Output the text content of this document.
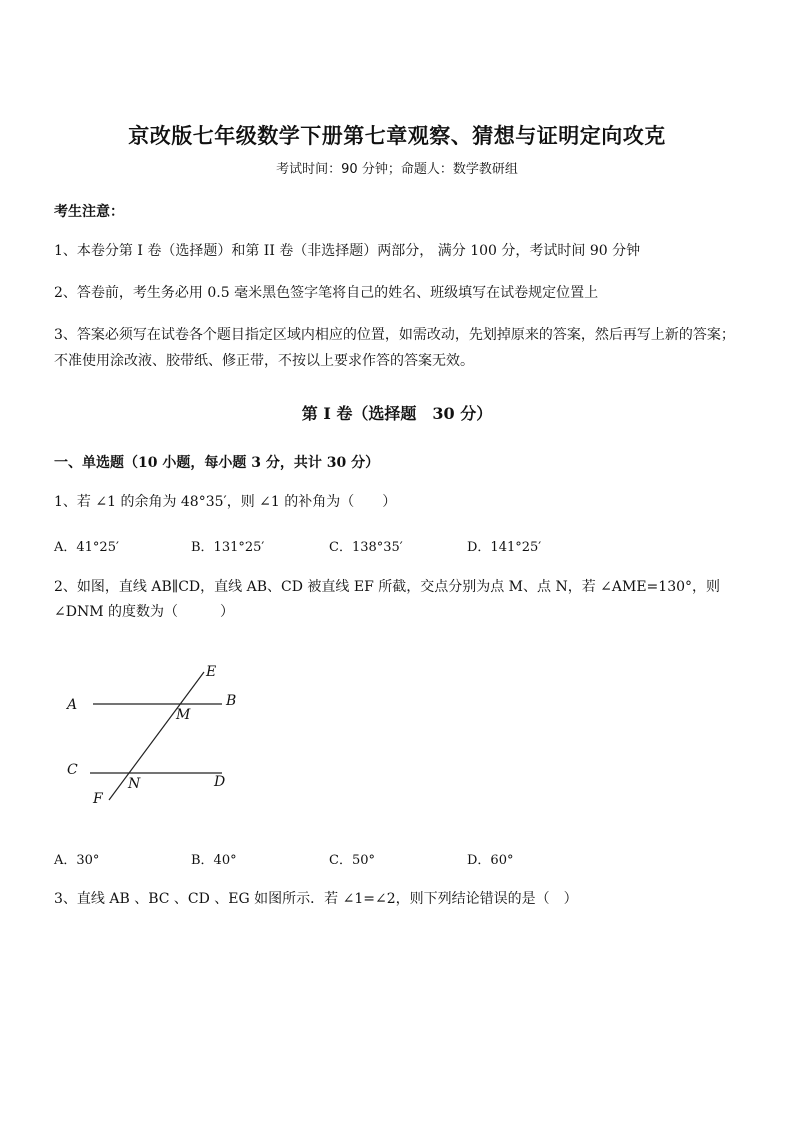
京改版七年级数学下册第七章观察、猜想与证明定向攻克
考试时间：90 分钟；命题人：数学教研组
考生注意：
1、本卷分第 I 卷（选择题）和第 II 卷（非选择题）两部分， 满分 100 分，考试时间 90 分钟
2、答卷前，考生务必用 0.5 毫米黑色签字笔将自己的姓名、班级填写在试卷规定位置上
3、答案必须写在试卷各个题目指定区域内相应的位置，如需改动，先划掉原来的答案，然后再写上新的答案；不准使用涂改液、胶带纸、修正带，不按以上要求作答的答案无效。
第 I 卷（选择题　30 分）
一、单选题（10 小题，每小题 3 分，共计 30 分）
1、若 ∠1 的余角为 48°35′，则 ∠1 的补角为（　　）
A．41°25′	B．131°25′	C．138°35′	D．141°25′
2、如图，直线 AB∥CD，直线 AB、CD 被直线 EF 所截，交点分别为点 M、点 N，若 ∠AME=130°，则 ∠DNM 的度数为（　　　）
A	B
C
D
E
F
M
N
A．30°	B．40°	C．50°	D．60°
3、直线 AB 、BC 、CD 、EG 如图所示．若 ∠1=∠2，则下列结论错误的是（　）
